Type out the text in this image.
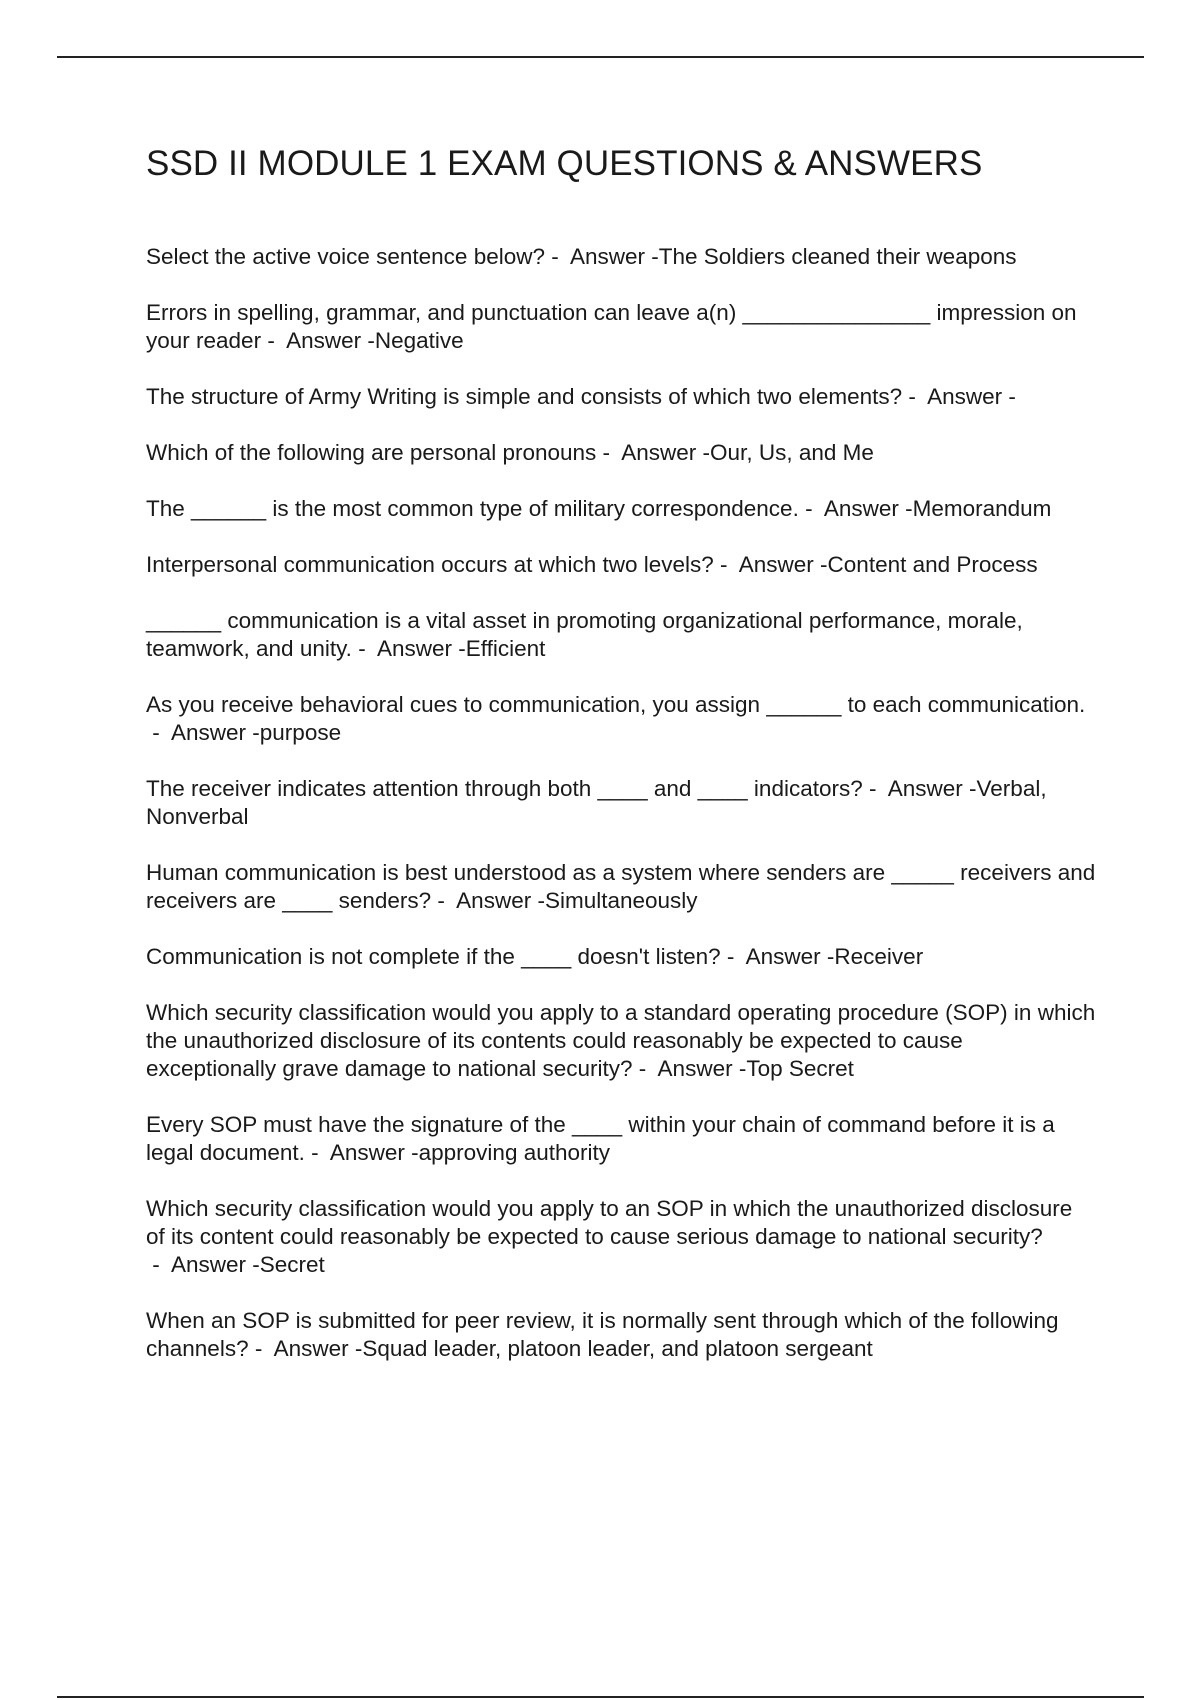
SSD II MODULE 1 EXAM QUESTIONS & ANSWERS
Select the active voice sentence below? -  Answer -The Soldiers cleaned their weapons
Errors in spelling, grammar, and punctuation can leave a(n) _______________ impression on your reader -  Answer -Negative
The structure of Army Writing is simple and consists of which two elements? -  Answer -
Which of the following are personal pronouns -  Answer -Our, Us, and Me
The ______ is the most common type of military correspondence. -  Answer -Memorandum
Interpersonal communication occurs at which two levels? -  Answer -Content and Process
______ communication is a vital asset in promoting organizational performance, morale, teamwork, and unity. -  Answer -Efficient
As you receive behavioral cues to communication, you assign ______ to each communication. -  Answer -purpose
The receiver indicates attention through both ____ and ____ indicators? -  Answer -Verbal, Nonverbal
Human communication is best understood as a system where senders are _____ receivers and receivers are ____ senders? -  Answer -Simultaneously
Communication is not complete if the ____ doesn't listen? -  Answer -Receiver
Which security classification would you apply to a standard operating procedure (SOP) in which the unauthorized disclosure of its contents could reasonably be expected to cause exceptionally grave damage to national security? -  Answer -Top Secret
Every SOP must have the signature of the ____ within your chain of command before it is a legal document. -  Answer -approving authority
Which security classification would you apply to an SOP in which the unauthorized disclosure of its content could reasonably be expected to cause serious damage to national security? -  Answer -Secret
When an SOP is submitted for peer review, it is normally sent through which of the following channels? -  Answer -Squad leader, platoon leader, and platoon sergeant
